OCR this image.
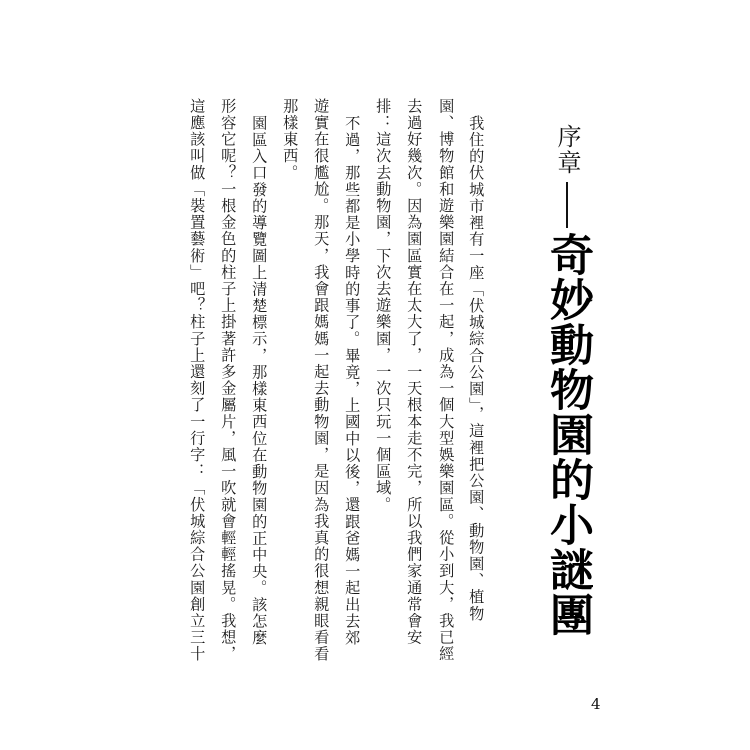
序章
奇妙動物園的小謎團
我住的伏城市裡有一座「伏城綜合公園」，這裡把公園、動物園、植物
園、博物館和遊樂園結合在一起，成為一個大型娛樂園區。從小到大，我已經
去過好幾次。因為園區實在太大了，一天根本走不完，所以我們家通常會安
排：這次去動物園，下次去遊樂園，一次只玩一個區域。
不過，那些都是小學時的事了。畢竟，上國中以後，還跟爸媽一起出去郊
遊實在很尷尬。那天，我會跟媽媽一起去動物園，是因為我真的很想親眼看看
那樣東西。
園區入口發的導覽圖上清楚標示，那樣東西位在動物園的正中央。該怎麼
形容它呢？一根金色的柱子上掛著許多金屬片，風一吹就會輕輕搖晃。我想，
這應該叫做「裝置藝術」吧？柱子上還刻了一行字：「伏城綜合公園創立三十
4
